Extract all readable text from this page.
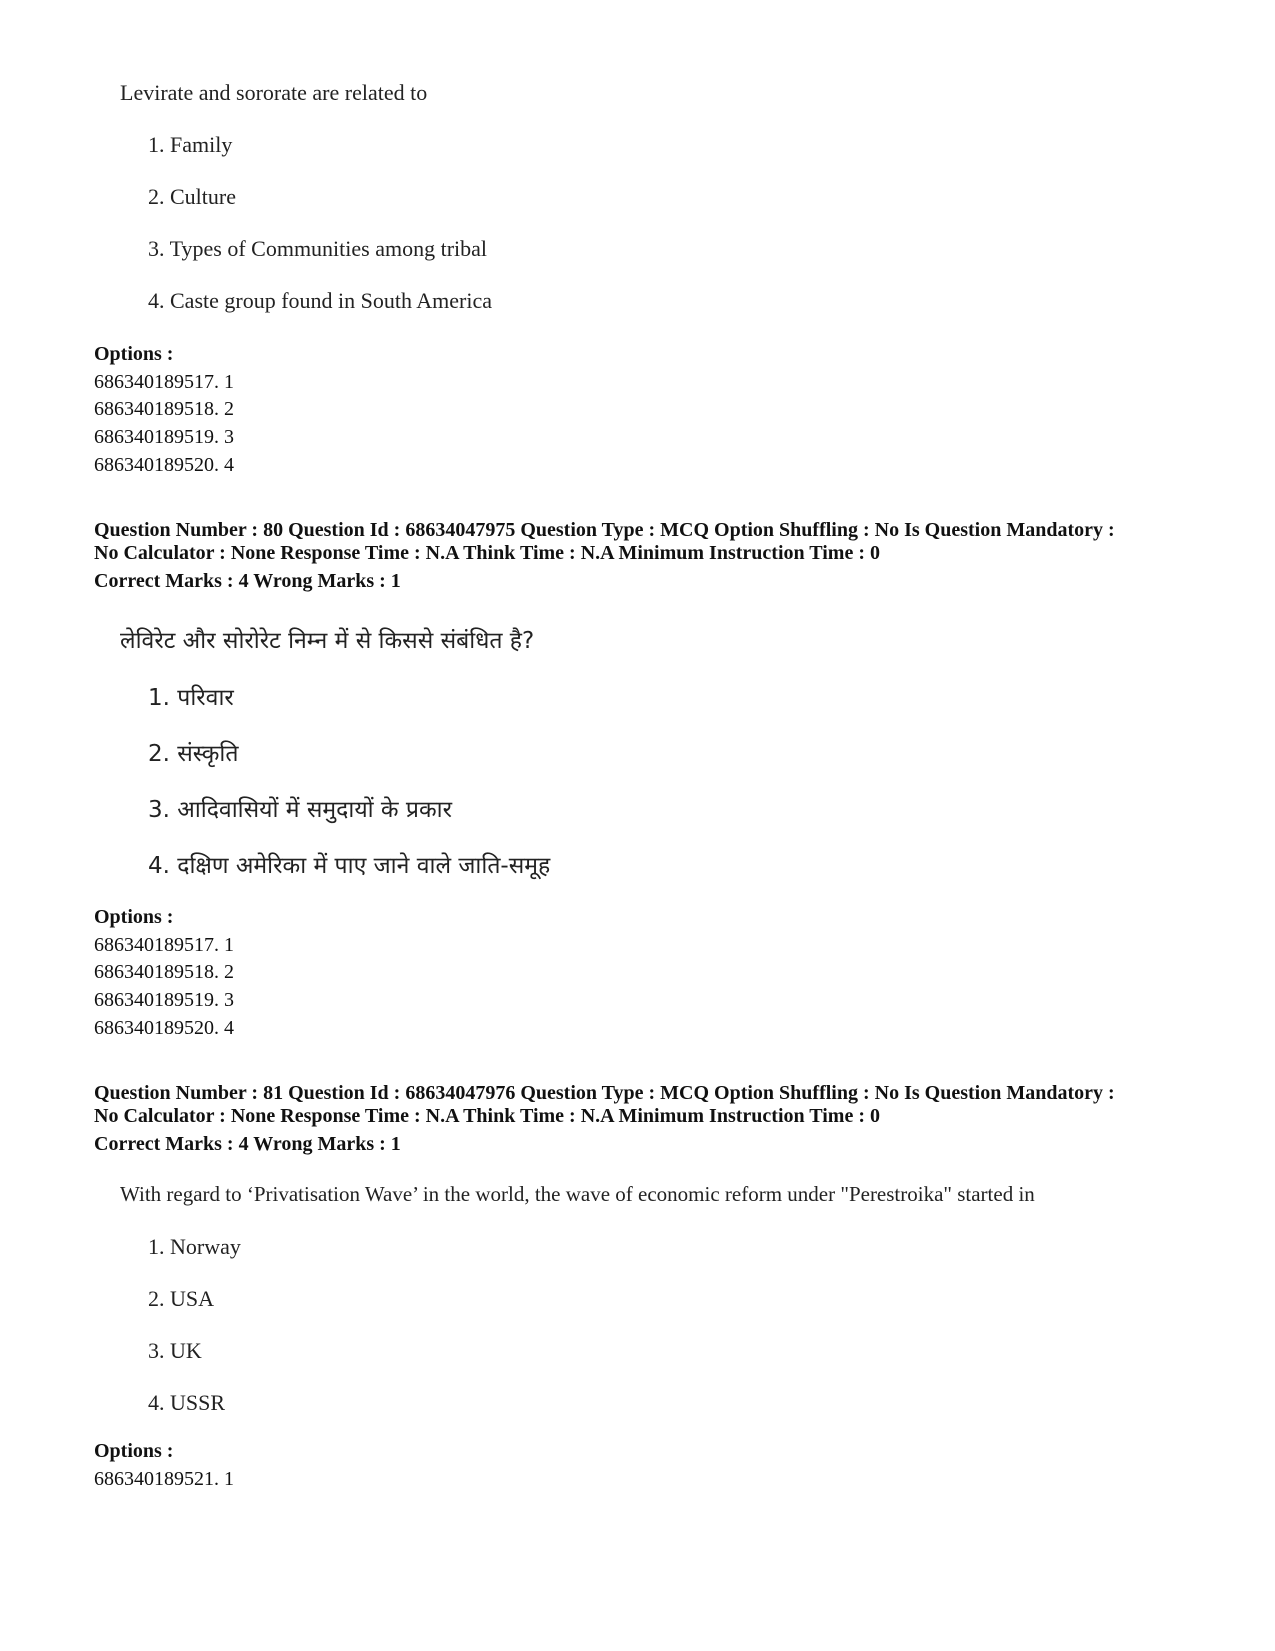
Levirate and sororate are related to
1. Family
2. Culture
3. Types of Communities among tribal
4. Caste group found in South America
Options :
686340189517. 1
686340189518. 2
686340189519. 3
686340189520. 4
Question Number : 80 Question Id : 68634047975 Question Type : MCQ Option Shuffling : No Is Question Mandatory :
No Calculator : None Response Time : N.A Think Time : N.A Minimum Instruction Time : 0
Correct Marks : 4 Wrong Marks : 1
लेविरेट और सोरोरेट निम्न में से किससे संबंधित है?
1. परिवार
2. संस्कृति
3. आदिवासियों में समुदायों के प्रकार
4. दक्षिण अमेरिका में पाए जाने वाले जाति-समूह
Options :
686340189517. 1
686340189518. 2
686340189519. 3
686340189520. 4
Question Number : 81 Question Id : 68634047976 Question Type : MCQ Option Shuffling : No Is Question Mandatory :
No Calculator : None Response Time : N.A Think Time : N.A Minimum Instruction Time : 0
Correct Marks : 4 Wrong Marks : 1
With regard to ‘Privatisation Wave’ in the world, the wave of economic reform under "Perestroika" started in
1. Norway
2. USA
3. UK
4. USSR
Options :
686340189521. 1
